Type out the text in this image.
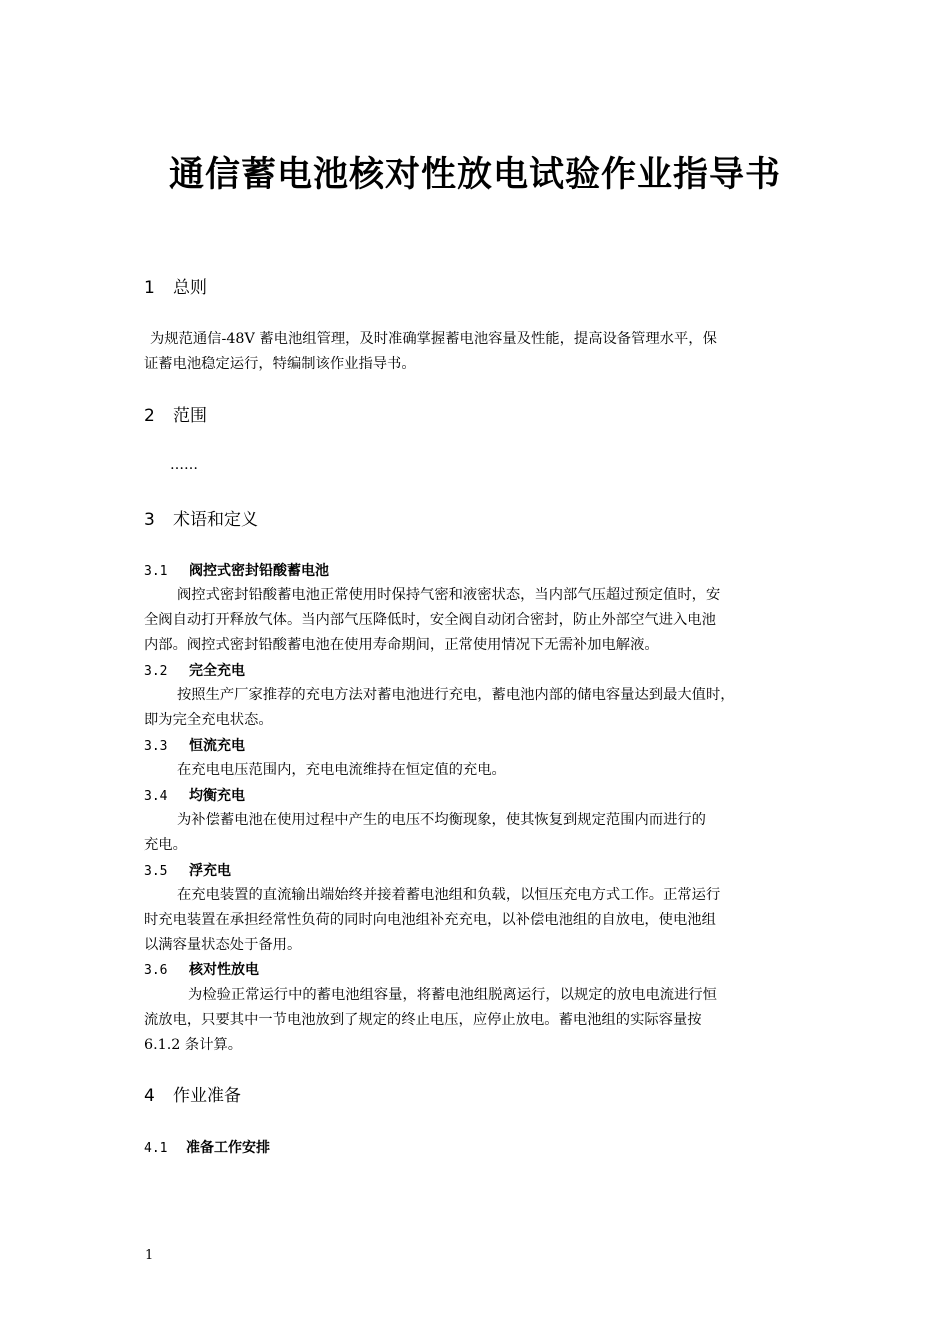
通信蓄电池核对性放电试验作业指导书
1 总则
为规范通信-48V 蓄电池组管理，及时准确掌握蓄电池容量及性能，提高设备管理水平，保
证蓄电池稳定运行，特编制该作业指导书。
2 范围
……
3 术语和定义
3.1 阀控式密封铅酸蓄电池
阀控式密封铅酸蓄电池正常使用时保持气密和液密状态，当内部气压超过预定值时，安
全阀自动打开释放气体。当内部气压降低时，安全阀自动闭合密封，防止外部空气进入电池
内部。阀控式密封铅酸蓄电池在使用寿命期间，正常使用情况下无需补加电解液。
3.2 完全充电
按照生产厂家推荐的充电方法对蓄电池进行充电，蓄电池内部的储电容量达到最大值时，
即为完全充电状态。
3.3 恒流充电
在充电电压范围内，充电电流维持在恒定值的充电。
3.4 均衡充电
为补偿蓄电池在使用过程中产生的电压不均衡现象，使其恢复到规定范围内而进行的
充电。
3.5 浮充电
在充电装置的直流输出端始终并接着蓄电池组和负载，以恒压充电方式工作。正常运行
时充电装置在承担经常性负荷的同时向电池组补充充电，以补偿电池组的自放电，使电池组
以满容量状态处于备用。
3.6 核对性放电
为检验正常运行中的蓄电池组容量，将蓄电池组脱离运行，以规定的放电电流进行恒
流放电，只要其中一节电池放到了规定的终止电压，应停止放电。蓄电池组的实际容量按
6.1.2 条计算。
4 作业准备
4.1 准备工作安排
1
